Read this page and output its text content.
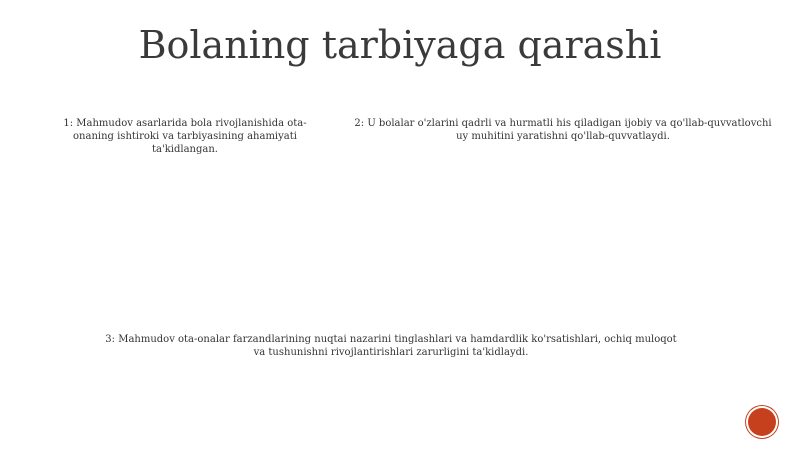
Bolaning tarbiyaga qarashi

1: Mahmudov asarlarida bola rivojlanishida ota-onaning ishtiroki va tarbiyasining ahamiyati ta'kidlangan.

2: U bolalar o'zlarini qadrli va hurmatli his qiladigan ijobiy va qo'llab-quvvatlovchi uy muhitini yaratishni qo'llab-quvvatlaydi.

3: Mahmudov ota-onalar farzandlarining nuqtai nazarini tinglashlari va hamdardlik ko'rsatishlari, ochiq muloqot va tushunishni rivojlantirishlari zarurligini ta'kidlaydi.
